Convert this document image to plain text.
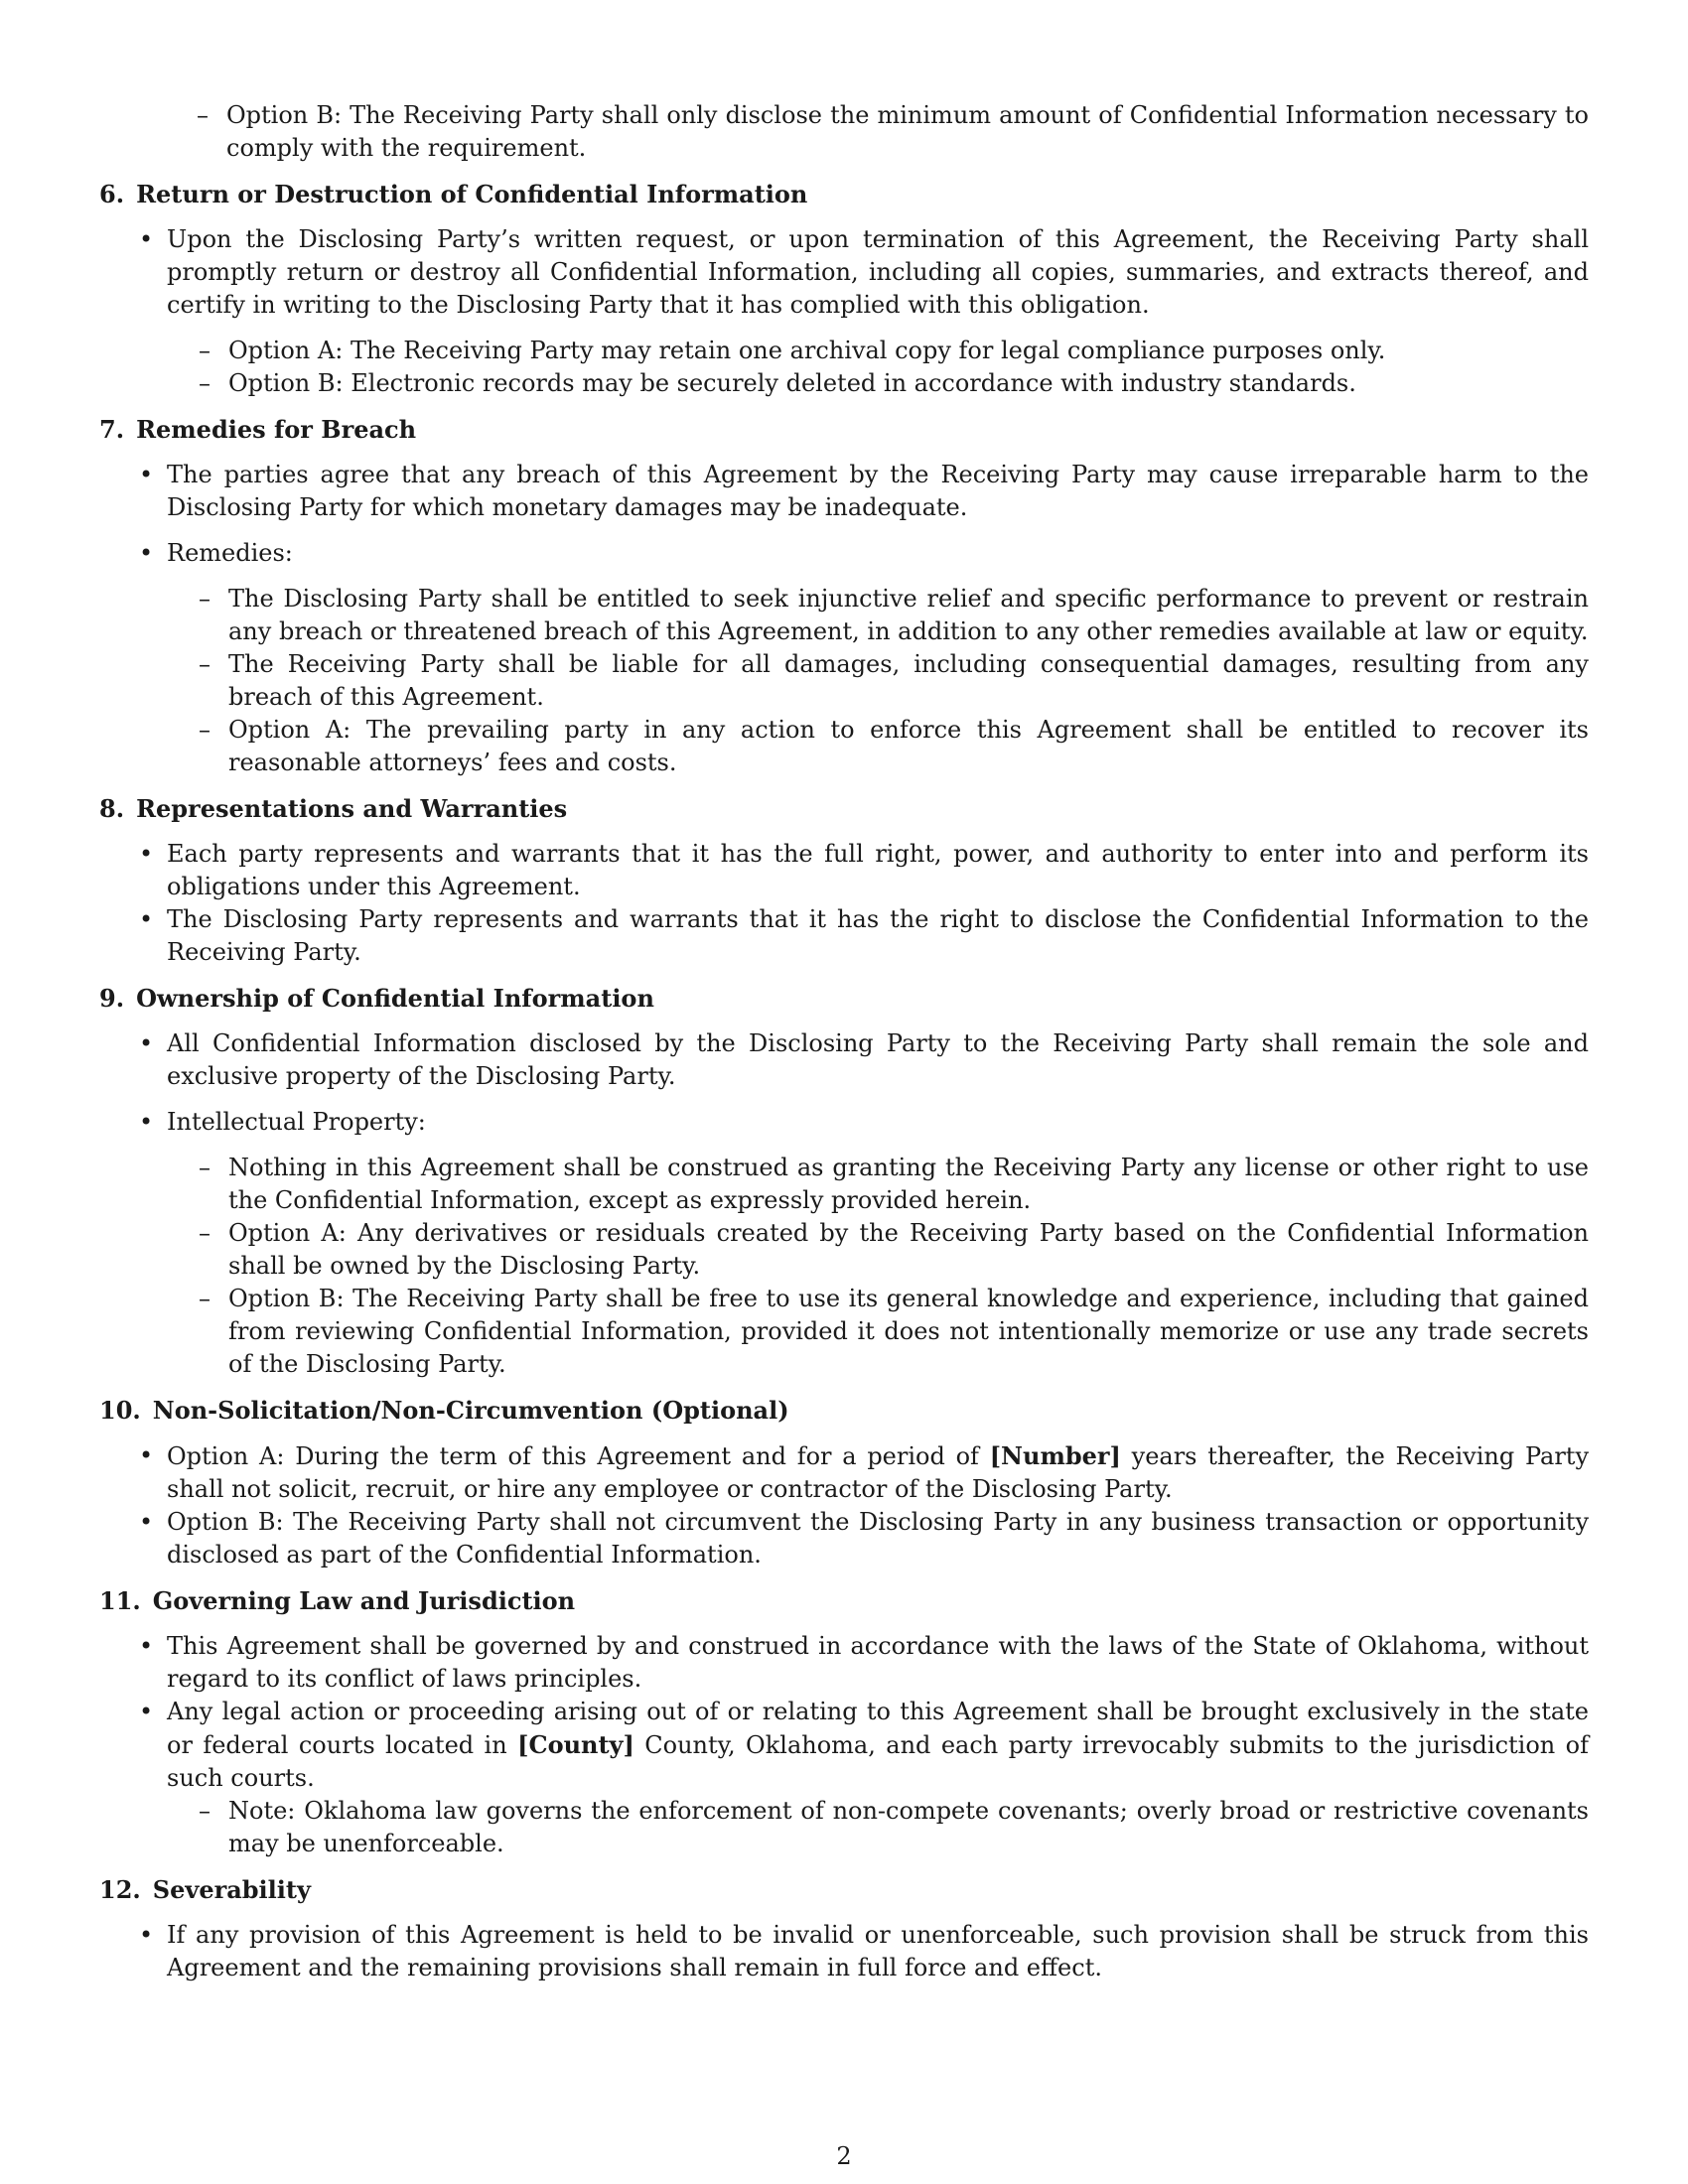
– Option B: The Receiving Party shall only disclose the minimum amount of Confidential Information necessary to comply with the requirement.
6. Return or Destruction of Confidential Information
• Upon the Disclosing Party’s written request, or upon termination of this Agreement, the Receiving Party shall promptly return or destroy all Confidential Information, including all copies, summaries, and extracts thereof, and certify in writing to the Disclosing Party that it has complied with this obligation.
– Option A: The Receiving Party may retain one archival copy for legal compliance purposes only.
– Option B: Electronic records may be securely deleted in accordance with industry standards.
7. Remedies for Breach
• The parties agree that any breach of this Agreement by the Receiving Party may cause irreparable harm to the Disclosing Party for which monetary damages may be inadequate.
• Remedies:
– The Disclosing Party shall be entitled to seek injunctive relief and specific performance to prevent or restrain any breach or threatened breach of this Agreement, in addition to any other remedies available at law or equity.
– The Receiving Party shall be liable for all damages, including consequential damages, resulting from any breach of this Agreement.
– Option A: The prevailing party in any action to enforce this Agreement shall be entitled to recover its reasonable attorneys’ fees and costs.
8. Representations and Warranties
• Each party represents and warrants that it has the full right, power, and authority to enter into and perform its obligations under this Agreement.
• The Disclosing Party represents and warrants that it has the right to disclose the Confidential Information to the Receiving Party.
9. Ownership of Confidential Information
• All Confidential Information disclosed by the Disclosing Party to the Receiving Party shall remain the sole and exclusive property of the Disclosing Party.
• Intellectual Property:
– Nothing in this Agreement shall be construed as granting the Receiving Party any license or other right to use the Confidential Information, except as expressly provided herein.
– Option A: Any derivatives or residuals created by the Receiving Party based on the Confidential Information shall be owned by the Disclosing Party.
– Option B: The Receiving Party shall be free to use its general knowledge and experience, including that gained from reviewing Confidential Information, provided it does not intentionally memorize or use any trade secrets of the Disclosing Party.
10. Non-Solicitation/Non-Circumvention (Optional)
• Option A: During the term of this Agreement and for a period of [Number] years thereafter, the Receiving Party shall not solicit, recruit, or hire any employee or contractor of the Disclosing Party.
• Option B: The Receiving Party shall not circumvent the Disclosing Party in any business transaction or opportunity disclosed as part of the Confidential Information.
11. Governing Law and Jurisdiction
• This Agreement shall be governed by and construed in accordance with the laws of the State of Oklahoma, without regard to its conflict of laws principles.
• Any legal action or proceeding arising out of or relating to this Agreement shall be brought exclusively in the state or federal courts located in [County] County, Oklahoma, and each party irrevocably submits to the jurisdiction of such courts.
– Note: Oklahoma law governs the enforcement of non-compete covenants; overly broad or restrictive covenants may be unenforceable.
12. Severability
• If any provision of this Agreement is held to be invalid or unenforceable, such provision shall be struck from this Agreement and the remaining provisions shall remain in full force and effect.
2
